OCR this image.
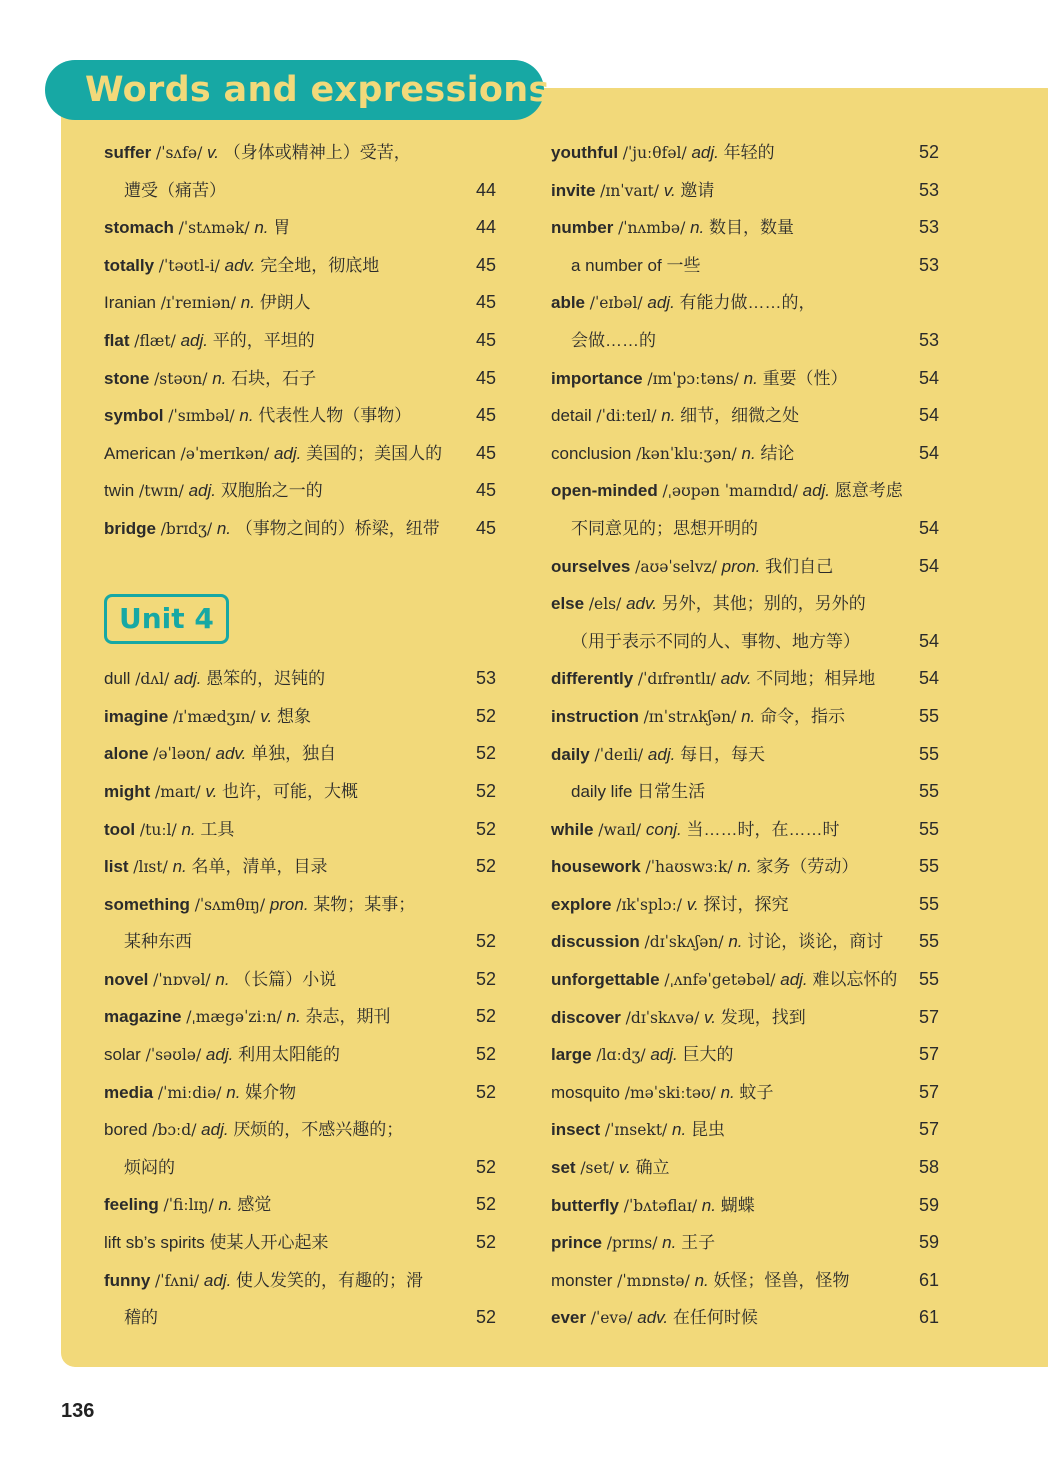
Words and expressions
suffer /ˈsʌfə/ v. （身体或精神上）受苦，
遭受（痛苦）	44
stomach /ˈstʌmək/ n. 胃	44
totally /ˈtəʊtl-i/ adv. 完全地，彻底地	45
Iranian /ɪˈreɪniən/ n. 伊朗人	45
flat /flæt/ adj. 平的，平坦的	45
stone /stəʊn/ n. 石块，石子	45
symbol /ˈsɪmbəl/ n. 代表性人物（事物）	45
American /əˈmerɪkən/ adj. 美国的；美国人的 45
twin /twɪn/ adj. 双胞胎之一的	45
bridge /brɪdʒ/ n. （事物之间的）桥梁，纽带 45
Unit 4
dull /dʌl/ adj. 愚笨的，迟钝的	53
imagine /ɪˈmædʒɪn/ v. 想象	52
alone /əˈləʊn/ adv. 单独，独自	52
might /maɪt/ v. 也许，可能，大概	52
tool /tuːl/ n. 工具	52
list /lɪst/ n. 名单，清单，目录	52
something /ˈsʌmθɪŋ/ pron. 某物；某事；
某种东西	52
novel /ˈnɒvəl/ n. （长篇）小说	52
magazine /ˌmægəˈziːn/ n. 杂志，期刊	52
solar /ˈsəʊlə/ adj. 利用太阳能的	52
media /ˈmiːdiə/ n. 媒介物	52
bored /bɔːd/ adj. 厌烦的，不感兴趣的；
烦闷的	52
feeling /ˈfiːlɪŋ/ n. 感觉	52
lift sb’s spirits 使某人开心起来	52
funny /ˈfʌni/ adj. 使人发笑的，有趣的；滑
稽的	52
youthful /ˈjuːθfəl/ adj. 年轻的	52
invite /ɪnˈvaɪt/ v. 邀请	53
number /ˈnʌmbə/ n. 数目，数量	53
a number of 一些	53
able /ˈeɪbəl/ adj. 有能力做……的，
会做……的	53
importance /ɪmˈpɔːtəns/ n. 重要（性）	54
detail /ˈdiːteɪl/ n. 细节，细微之处	54
conclusion /kənˈkluːʒən/ n. 结论	54
open-minded /ˌəʊpən ˈmaɪndɪd/ adj. 愿意考虑
不同意见的；思想开明的	54
ourselves /aʊəˈselvz/ pron. 我们自己	54
else /els/ adv. 另外，其他；别的，另外的
（用于表示不同的人、事物、地方等）	54
differently /ˈdɪfrəntlɪ/ adv. 不同地；相异地 54
instruction /ɪnˈstrʌkʃən/ n. 命令，指示	55
daily /ˈdeɪli/ adj. 每日，每天	55
daily life 日常生活	55
while /waɪl/ conj. 当……时，在……时	55
housework /ˈhaʊswɜːk/ n. 家务（劳动）	55
explore /ɪkˈsplɔː/ v. 探讨，探究	55
discussion /dɪˈskʌʃən/ n. 讨论，谈论，商讨 55
unforgettable /ˌʌnfəˈgetəbəl/ adj. 难以忘怀的 55
discover /dɪˈskʌvə/ v. 发现，找到	57
large /lɑːdʒ/ adj. 巨大的	57
mosquito /məˈskiːtəʊ/ n. 蚊子	57
insect /ˈɪnsekt/ n. 昆虫	57
set /set/ v. 确立	58
butterfly /ˈbʌtəflaɪ/ n. 蝴蝶	59
prince /prɪns/ n. 王子	59
monster /ˈmɒnstə/ n. 妖怪；怪兽，怪物	61
ever /ˈevə/ adv. 在任何时候	61
136
